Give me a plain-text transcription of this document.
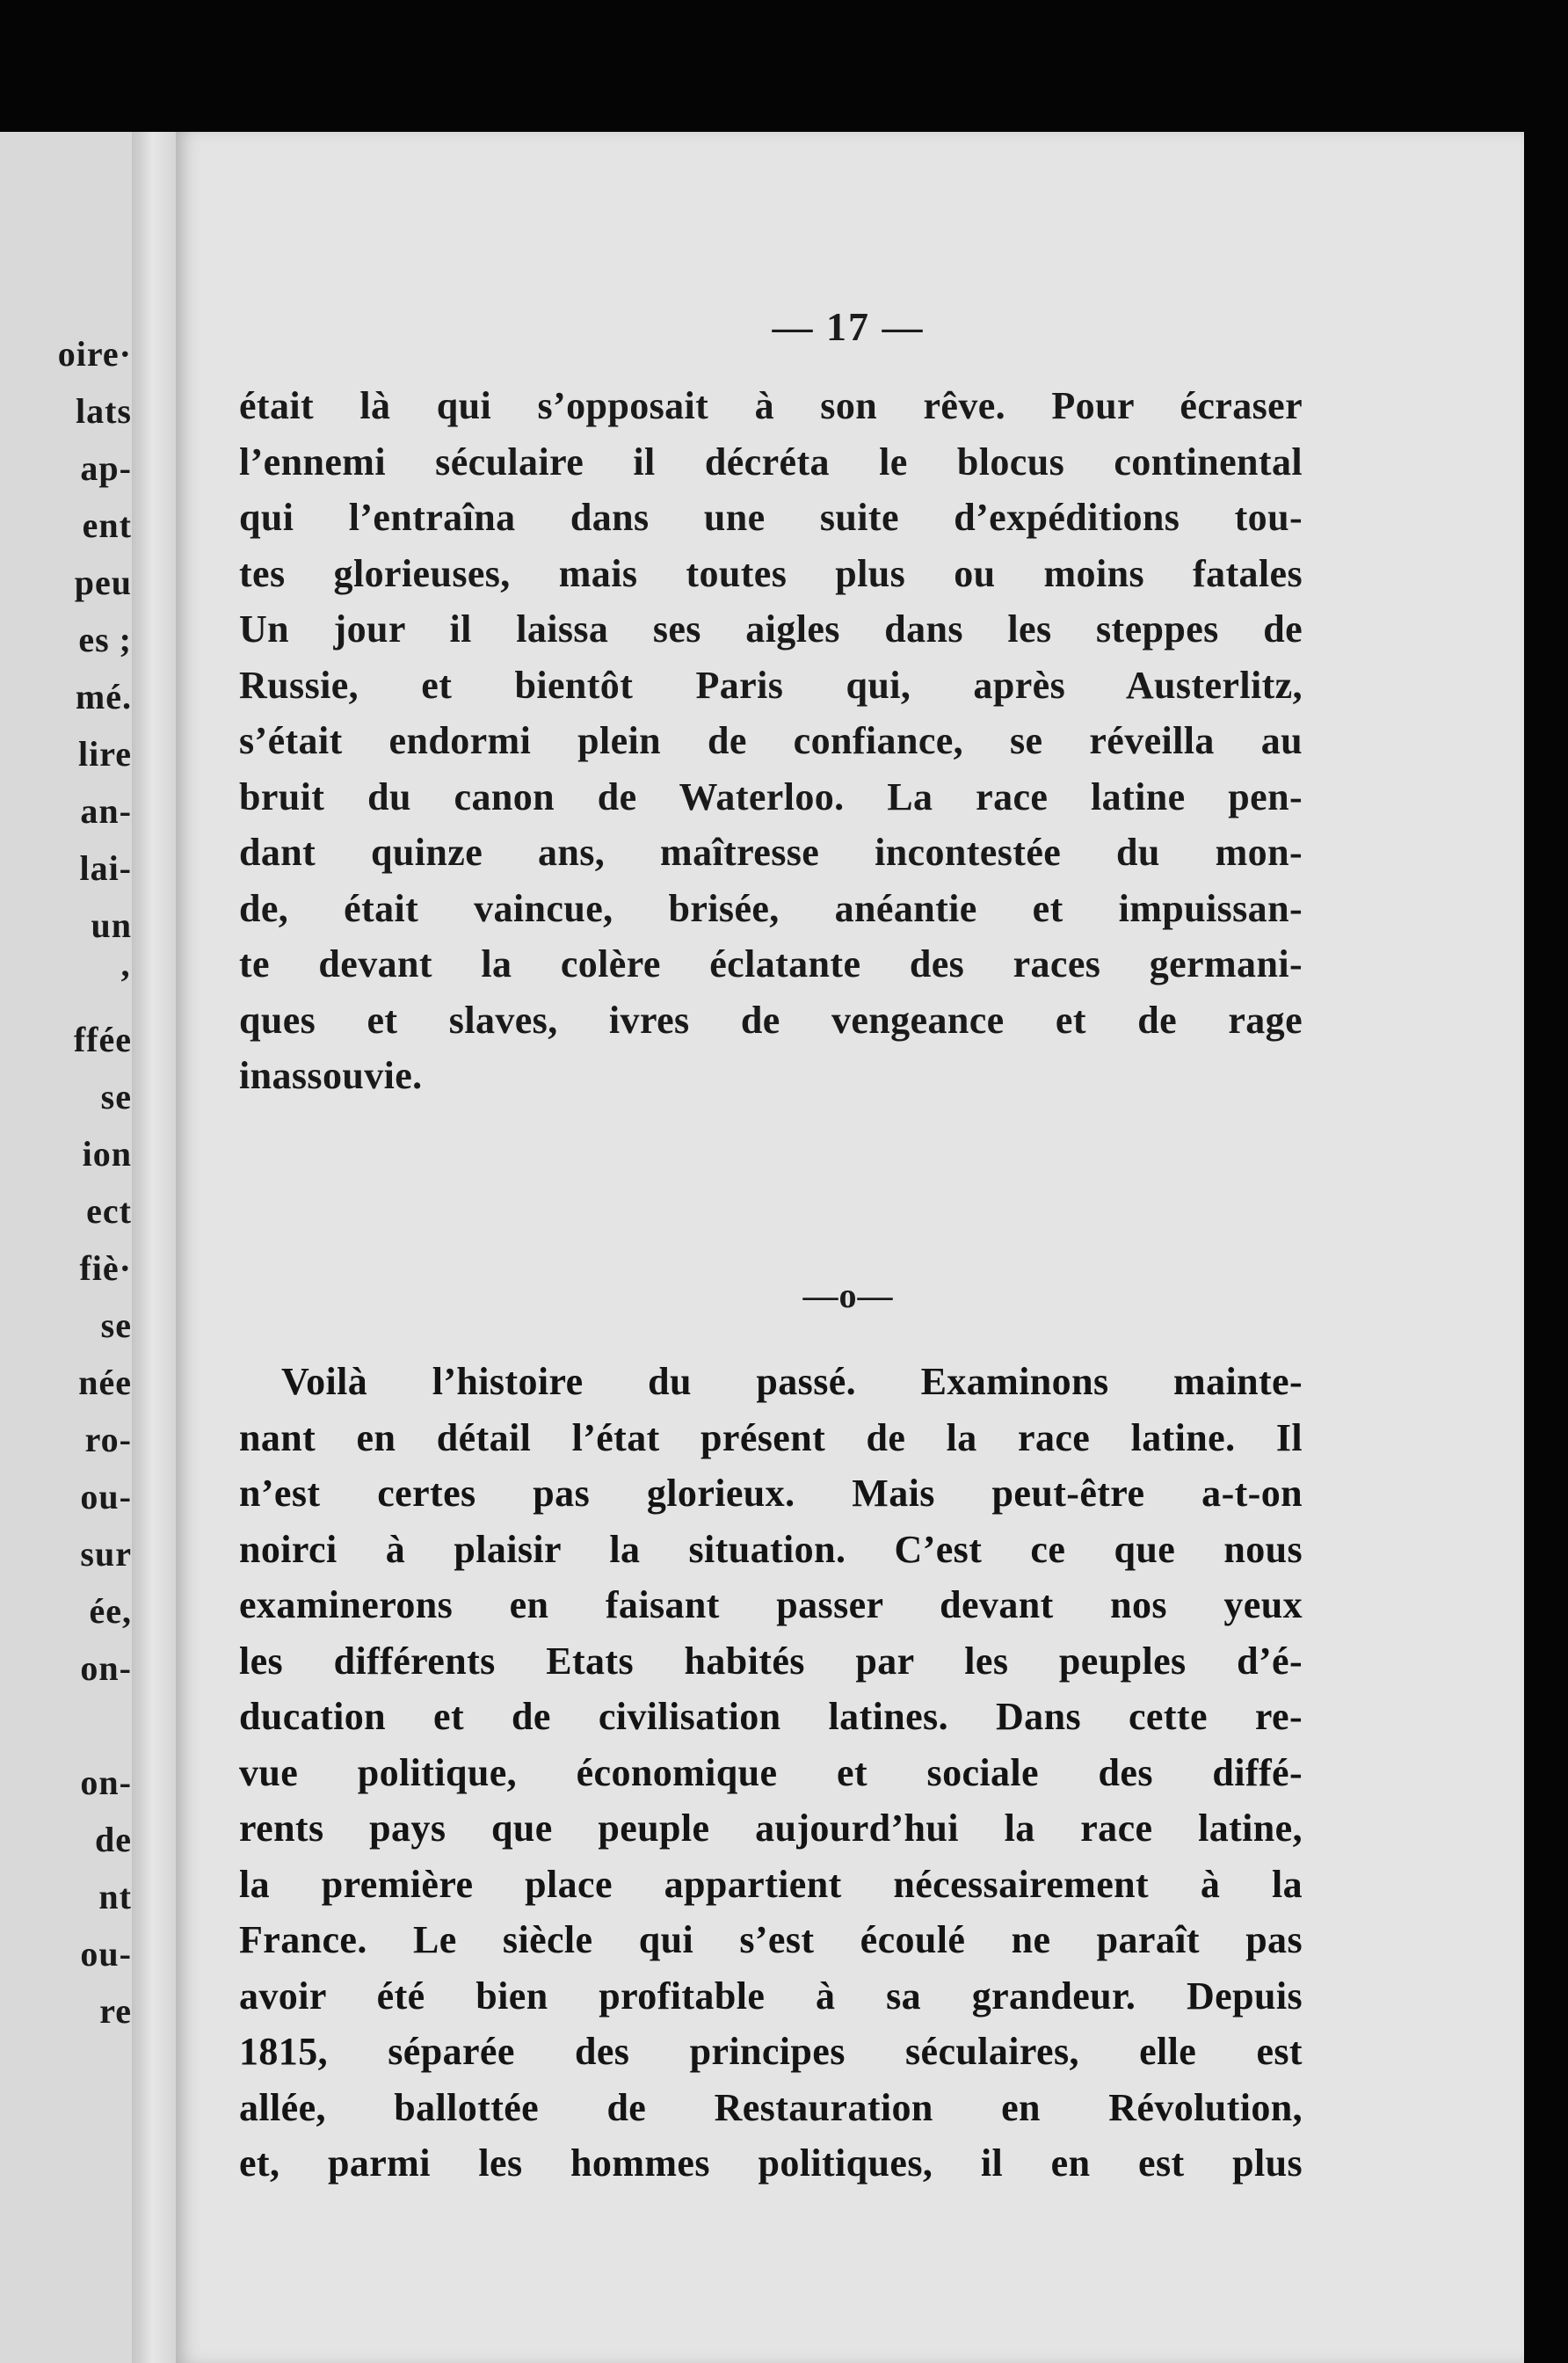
oire·
lats
ap-
ent
peu
es ;
mé.
lire
an-
lai-
un
’
ffée
se
ion
ect
fiè·
se
née
ro-
ou-
sur
ée,
on-
on-
de
nt
ou-
re
— 17 —
était là qui s’opposait à son rêve. Pour écraser
l’ennemi séculaire il décréta le blocus continental
qui l’entraîna dans une suite d’expéditions tou-
tes glorieuses, mais toutes plus ou moins fatales
Un jour il laissa ses aigles dans les steppes de
Russie, et bientôt Paris qui, après Austerlitz,
s’était endormi plein de confiance, se réveilla au
bruit du canon de Waterloo. La race latine pen-
dant quinze ans, maîtresse incontestée du mon-
de, était vaincue, brisée, anéantie et impuissan-
te devant la colère éclatante des races germani-
ques et slaves, ivres de vengeance et de rage
inassouvie.
—o—
Voilà l’histoire du passé. Examinons mainte-
nant en détail l’état présent de la race latine. Il
n’est certes pas glorieux. Mais peut-être a-t-on
noirci à plaisir la situation. C’est ce que nous
examinerons en faisant passer devant nos yeux
les différents Etats habités par les peuples d’é-
ducation et de civilisation latines. Dans cette re-
vue politique, économique et sociale des diffé-
rents pays que peuple aujourd’hui la race latine,
la première place appartient nécessairement à la
France. Le siècle qui s’est écoulé ne paraît pas
avoir été bien profitable à sa grandeur. Depuis
1815, séparée des principes séculaires, elle est
allée, ballottée de Restauration en Révolution,
et, parmi les hommes politiques, il en est plus
